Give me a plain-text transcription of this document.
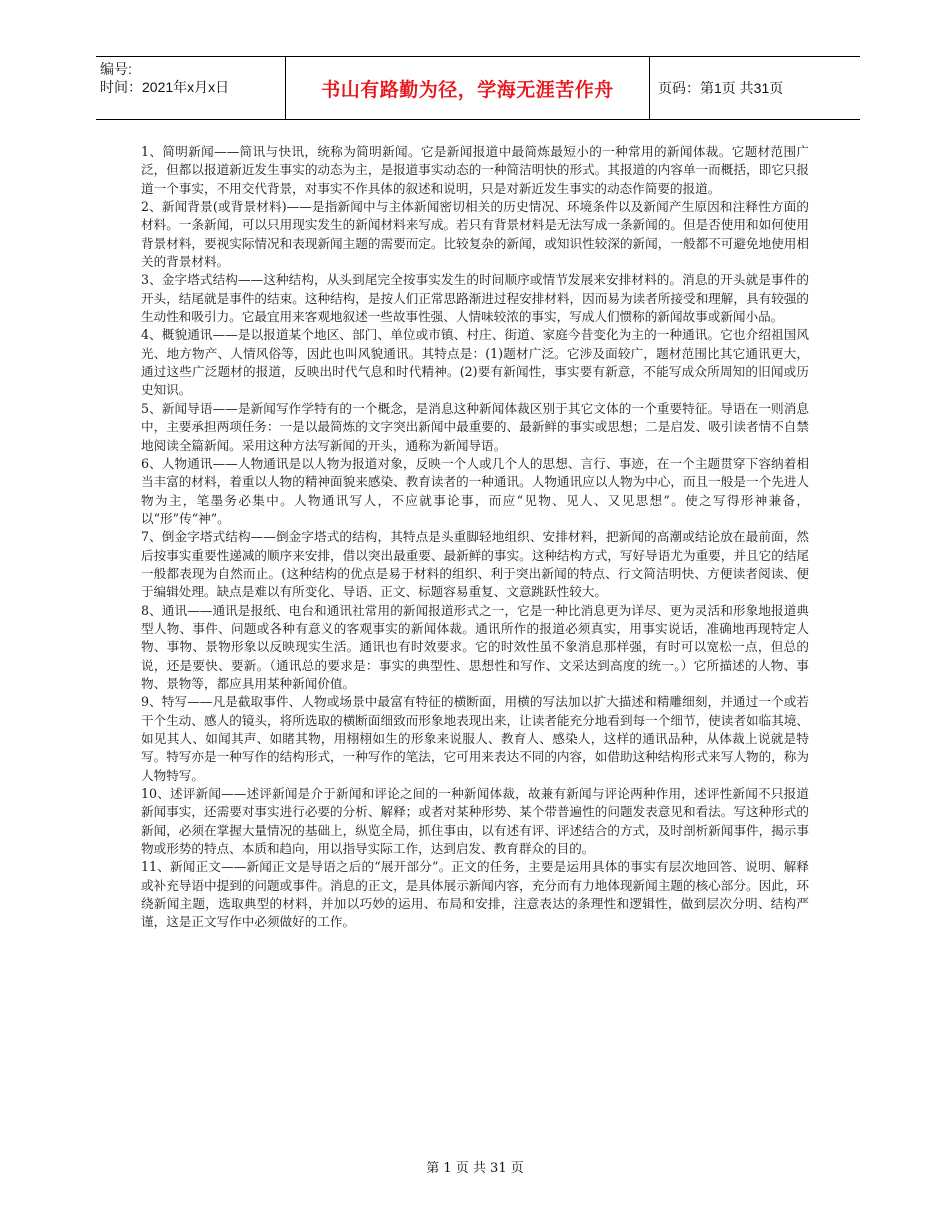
编号:
时间：2021年x月x日	书山有路勤为径，学海无涯苦作舟	页码：第1页 共31页

1、简明新闻——简讯与快讯，统称为简明新闻。它是新闻报道中最简炼最短小的一种常用的新闻体裁。它题材范围广泛，但都以报道新近发生事实的动态为主，是报道事实动态的一种简洁明快的形式。其报道的内容单一而概括，即它只报道一个事实，不用交代背景，对事实不作具体的叙述和说明，只是对新近发生事实的动态作简要的报道。

2、新闻背景(或背景材料)——是指新闻中与主体新闻密切相关的历史情况、环境条件以及新闻产生原因和注释性方面的材料。一条新闻，可以只用现实发生的新闻材料来写成。若只有背景材料是无法写成一条新闻的。但是否使用和如何使用背景材料，要视实际情况和表现新闻主题的需要而定。比较复杂的新闻，或知识性较深的新闻，一般都不可避免地使用相关的背景材料。

3、金字塔式结构——这种结构，从头到尾完全按事实发生的时间顺序或情节发展来安排材料的。消息的开头就是事件的开头，结尾就是事件的结束。这种结构，是按人们正常思路渐进过程安排材料，因而易为读者所接受和理解，具有较强的生动性和吸引力。它最宜用来客观地叙述一些故事性强、人情味较浓的事实，写成人们惯称的新闻故事或新闻小品。

4、概貌通讯——是以报道某个地区、部门、单位或市镇、村庄、街道、家庭今昔变化为主的一种通讯。它也介绍祖国风光、地方物产、人情风俗等，因此也叫风貌通讯。其特点是：(1)题材广泛。它涉及面较广，题材范围比其它通讯更大，通过这些广泛题材的报道，反映出时代气息和时代精神。(2)要有新闻性，事实要有新意，不能写成众所周知的旧闻或历史知识。

5、新闻导语——是新闻写作学特有的一个概念，是消息这种新闻体裁区别于其它文体的一个重要特征。导语在一则消息中，主要承担两项任务：一是以最简炼的文字突出新闻中最重要的、最新鲜的事实或思想；二是启发、吸引读者情不自禁地阅读全篇新闻。采用这种方法写新闻的开头，通称为新闻导语。

6、人物通讯——人物通讯是以人物为报道对象，反映一个人或几个人的思想、言行、事迹，在一个主题贯穿下容纳着相当丰富的材料，着重以人物的精神面貌来感染、教育读者的一种通讯。人物通讯应以人物为中心，而且一般是一个先进人物为主，笔墨务必集中。人物通讯写人，不应就事论事，而应“见物、见人、又见思想”。使之写得形神兼备，以“形”传“神”。

7、倒金字塔式结构——倒金字塔式的结构，其特点是头重脚轻地组织、安排材料，把新闻的高潮或结论放在最前面，然后按事实重要性递减的顺序来安排，借以突出最重要、最新鲜的事实。这种结构方式，写好导语尤为重要，并且它的结尾一般都表现为自然而止。(这种结构的优点是易于材料的组织、利于突出新闻的特点、行文简洁明快、方便读者阅读、便于编辑处理。缺点是难以有所变化、导语、正文、标题容易重复、文意跳跃性较大。

8、通讯——通讯是报纸、电台和通讯社常用的新闻报道形式之一，它是一种比消息更为详尽、更为灵活和形象地报道典型人物、事件、问题或各种有意义的客观事实的新闻体裁。通讯所作的报道必须真实，用事实说话，准确地再现特定人物、事物、景物形象以反映现实生活。通讯也有时效要求。它的时效性虽不象消息那样强，有时可以宽松一点，但总的说，还是要快、要新。（通讯总的要求是：事实的典型性、思想性和写作、文采达到高度的统一。）它所描述的人物、事物、景物等，都应具用某种新闻价值。

9、特写——凡是截取事件、人物或场景中最富有特征的横断面，用横的写法加以扩大描述和精雕细刻，并通过一个或若干个生动、感人的镜头，将所选取的横断面细致而形象地表现出来，让读者能充分地看到每一个细节，使读者如临其境、如见其人、如闻其声、如睹其物，用栩栩如生的形象来说服人、教育人、感染人，这样的通讯品种，从体裁上说就是特写。特写亦是一种写作的结构形式，一种写作的笔法，它可用来表达不同的内容，如借助这种结构形式来写人物的，称为人物特写。

10、述评新闻——述评新闻是介于新闻和评论之间的一种新闻体裁，故兼有新闻与评论两种作用，述评性新闻不只报道新闻事实，还需要对事实进行必要的分析、解释；或者对某种形势、某个带普遍性的问题发表意见和看法。写这种形式的新闻，必须在掌握大量情况的基础上，纵览全局，抓住事由，以有述有评、评述结合的方式，及时剖析新闻事件，揭示事物或形势的特点、本质和趋向，用以指导实际工作，达到启发、教育群众的目的。

11、新闻正文——新闻正文是导语之后的“展开部分”。正文的任务，主要是运用具体的事实有层次地回答、说明、解释或补充导语中提到的问题或事件。消息的正文，是具体展示新闻内容，充分而有力地体现新闻主题的核心部分。因此，环绕新闻主题，选取典型的材料，并加以巧妙的运用、布局和安排，注意表达的条理性和逻辑性，做到层次分明、结构严谨，这是正文写作中必须做好的工作。

第 1 页 共 31 页
